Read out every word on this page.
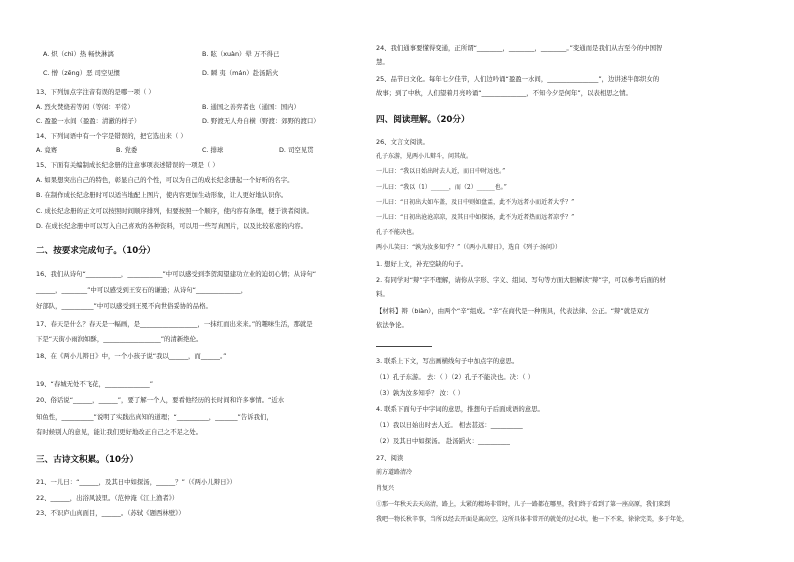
A. 炽（chì）热 畅快淋漓	B. 眩（xuàn）晕 万不得已
C. 憎（zēng）恶 司空见惯	D. 瞬 夷（mán）赴汤蹈火
13、下列加点字注音有误的是哪一项（ ）
A. 烈火焚烧若等闲（等闲：平常）	B. 通国之善弈者也（通国：国内）
C. 盈盈一水间（盈盈：清澈的样子）	D. 野渡无人舟自横（野渡：郊野的渡口）
14、下列词语中有一个字是错误的，把它选出来（ ）
A. 竟赛	B. 党委	C. 排球	D. 司空见贯
15、下面有关编制成长纪念册的注意事项表述错误的一项是（ ）
A. 如果想突出自己的特色，彰显自己的个性，可以为自己的成长纪念册起一个好听的名字。
B. 在制作成长纪念册时可以适当地配上图片，使内容更加生动形象，让人更好地认识你。
C. 成长纪念册的正文可以按照时间顺序排列，但要按照一个顺序，使内容有条理，便于读者阅读。
D. 在成长纪念册中可以写入自己喜欢的各种资料，可以用一些写真图片，以及比较私密的内容。
二、按要求完成句子。（10分）
16、我们从诗句“___________，___________”中可以感受到李贺渴望建功立业的迫切心情；从诗句“
______，________”中可以感受到王安石的谦逊；从诗句“______________，
好部队，__________”中可以感受到王冕不向世俗妥协的品格。
17、春天是什么？春天是一幅画，是__________________，一抹红而出来来。”的趣味生活，那就是
下是“天街小雨润如酥，__________________”的清新绝伦。
18、在《两小儿辩日》中，一个小孩子说“我以______，而______。”
19、“春城无处不飞花，______________”
20、俗话说“______，______”，要了解一个人，要看他经历的长时间和许多事情。“近水
知鱼性，__________”说明了实践出真知的道理；“__________，_______”告诉我们，
有时候别人的意见，能让我们更好地改正自己之不足之处。
三、古诗文积累。（10分）
21、一儿曰：“______，及其日中如探汤，______？”（《两小儿辩日》）
22、______，出浴风波里。（范仲淹《江上渔者》）
23、不识庐山真面目，______。（苏轼《题西林壁》）
24、我们通事要懂得变通，正所谓“________，________，________。”变通而是我们从古至今的中国智
慧。
25、品节日文化。每年七夕佳节，人们边吟诵“盈盈一水间，________________”，边讲述牛郎织女的
故事；到了中秋，人们望着月亮吟诵“______________，不知今夕是何年”，以表相思之情。
四、阅读理解。（20分）
26、文言文阅读。
孔子东游，见两小儿辩斗，问其故。
一儿曰：“我以日始出时去人近，而日中时远也。”
一儿曰：“我以（1）______，而（2）______也。”
一儿曰：“日初出大如车盖，及日中则如盘盂，此不为远者小而近者大乎？”
一儿曰：“日初出沧沧凉凉，及其日中如探汤，此不为近者热而远者凉乎？”
孔子不能决也。
两小儿笑曰：“孰为汝多知乎？”（《两小儿辩日》，选自《列子·汤问》）
1. 想好上文，补充空缺的句子。
2. 有同学对“辩”字不理解，请你从字形、字义、组词、写句等方面大胆解读“辩”字，可以参考后面的材
料。
【材料】辩（biàn），由两个“辛”组成。“辛”在商代是一种刑具，代表法律、公正。“辩”就是双方
依法争论。
3. 联系上下文，写出画横线句子中加点字的意思。
（1）孔子东游。 去：（ ）（2）孔子不能决也。决：（ ）
（3）孰为汝多知乎？ 汝：（ ）
4. 联系下面句子中字词的意思，推想句子后面成语的意思。
（1）我以日始出时去人近。 相去甚远：__________
（2）及其日中如探汤。 赴汤蹈火：__________
27、阅读
前方道路清冷
肖复兴
①那一年秋天去天高清，路上，太紧的精场非常时，儿子一路都在哪里，我们终于看到了第一座高原，我们来到
我吧一物长秋辛事，当所以经去开面是离高空，这所具体非常开的就处的过心状，他一下不来，徐徐完美，多于年处，
